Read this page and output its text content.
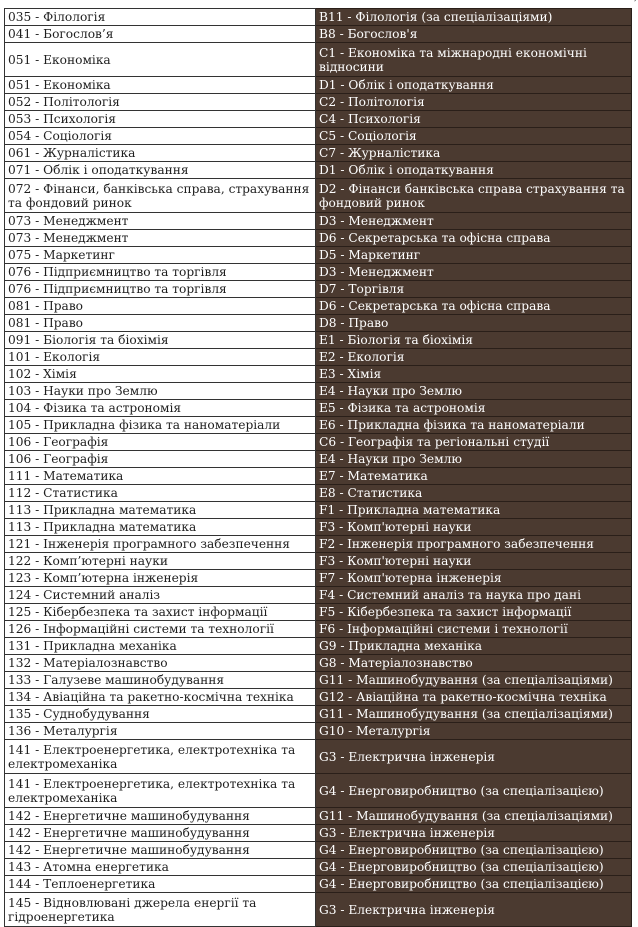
035 - Філологія	B11 - Філологія (за спеціалізаціями)
041 - Богослов’я	B8 - Богослов'я
051 - Економіка	C1 - Економіка та міжнародні економічні відносини
051 - Економіка	D1 - Облік і оподаткування
052 - Політологія	C2 - Політологія
053 - Психологія	C4 - Психологія
054 - Соціологія	C5 - Соціологія
061 - Журналістика	C7 - Журналістика
071 - Облік і оподаткування	D1 - Облік і оподаткування
072 - Фінанси, банківська справа, страхування та фондовий ринок	D2 - Фінанси банківська справа страхування та фондовий ринок
073 - Менеджмент	D3 - Менеджмент
073 - Менеджмент	D6 - Секретарська та офісна справа
075 - Маркетинг	D5 - Маркетинг
076 - Підприємництво та торгівля	D3 - Менеджмент
076 - Підприємництво та торгівля	D7 - Торгівля
081 - Право	D6 - Секретарська та офісна справа
081 - Право	D8 - Право
091 - Біологія та біохімія	E1 - Біологія та біохімія
101 - Екологія	E2 - Екологія
102 - Хімія	E3 - Хімія
103 - Науки про Землю	E4 - Науки про Землю
104 - Фізика та астрономія	E5 - Фізика та астрономія
105 - Прикладна фізика та наноматеріали	E6 - Прикладна фізика та наноматеріали
106 - Географія	C6 - Географія та регіональні студії
106 - Географія	E4 - Науки про Землю
111 - Математика	E7 - Математика
112 - Статистика	E8 - Статистика
113 - Прикладна математика	F1 - Прикладна математика
113 - Прикладна математика	F3 - Комп'ютерні науки
121 - Інженерія програмного забезпечення	F2 - Інженерія програмного забезпечення
122 - Комп’ютерні науки	F3 - Комп'ютерні науки
123 - Комп’ютерна інженерія	F7 - Комп'ютерна інженерія
124 - Системний аналіз	F4 - Системний аналіз та наука про дані
125 - Кібербезпека та захист інформації	F5 - Кібербезпека та захист інформації
126 - Інформаційні системи та технології	F6 - Інформаційні системи і технології
131 - Прикладна механіка	G9 - Прикладна механіка
132 - Матеріалознавство	G8 - Матеріалознавство
133 - Галузеве машинобудування	G11 - Машинобудування (за спеціалізаціями)
134 - Авіаційна та ракетно-космічна техніка	G12 - Авіаційна та ракетно-космічна техніка
135 - Суднобудування	G11 - Машинобудування (за спеціалізаціями)
136 - Металургія	G10 - Металургія
141 - Електроенергетика, електротехніка та електромеханіка	G3 - Електрична інженерія
141 - Електроенергетика, електротехніка та електромеханіка	G4 - Енерговиробництво (за спеціалізацією)
142 - Енергетичне машинобудування	G11 - Машинобудування (за спеціалізаціями)
142 - Енергетичне машинобудування	G3 - Електрична інженерія
142 - Енергетичне машинобудування	G4 - Енерговиробництво (за спеціалізацією)
143 - Атомна енергетика	G4 - Енерговиробництво (за спеціалізацією)
144 - Теплоенергетика	G4 - Енерговиробництво (за спеціалізацією)
145 - Відновлювані джерела енергії та гідроенергетика	G3 - Електрична інженерія
